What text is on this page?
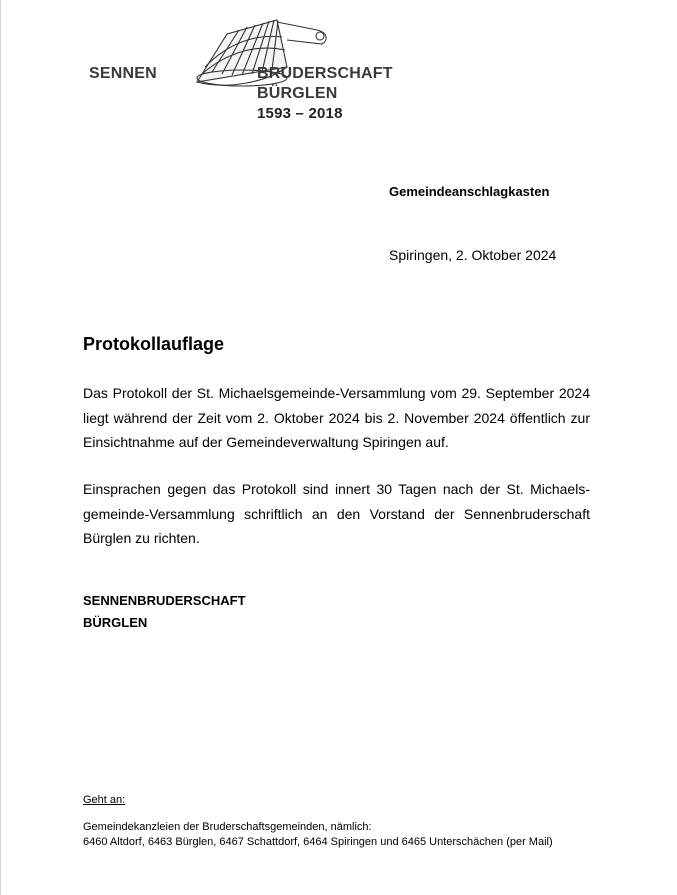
SENNEN	BRUDERSCHAFT
BÜRGLEN
1593 – 2018
Gemeindeanschlagkasten
Spiringen, 2. Oktober 2024
Protokollauflage
Das Protokoll der St. Michaelsgemeinde-Versammlung vom 29. September 2024 liegt während der Zeit vom 2. Oktober 2024 bis 2. November 2024 öffentlich zur Einsichtnahme auf der Gemeindeverwaltung Spiringen auf.
Einsprachen gegen das Protokoll sind innert 30 Tagen nach der St. Michaels-gemeinde-Versammlung schriftlich an den Vorstand der Sennenbruderschaft Bürglen zu richten.
SENNENBRUDERSCHAFT
BÜRGLEN
Geht an:
Gemeindekanzleien der Bruderschaftsgemeinden, nämlich:
6460 Altdorf, 6463 Bürglen, 6467 Schattdorf, 6464 Spiringen und 6465 Unterschächen (per Mail)
